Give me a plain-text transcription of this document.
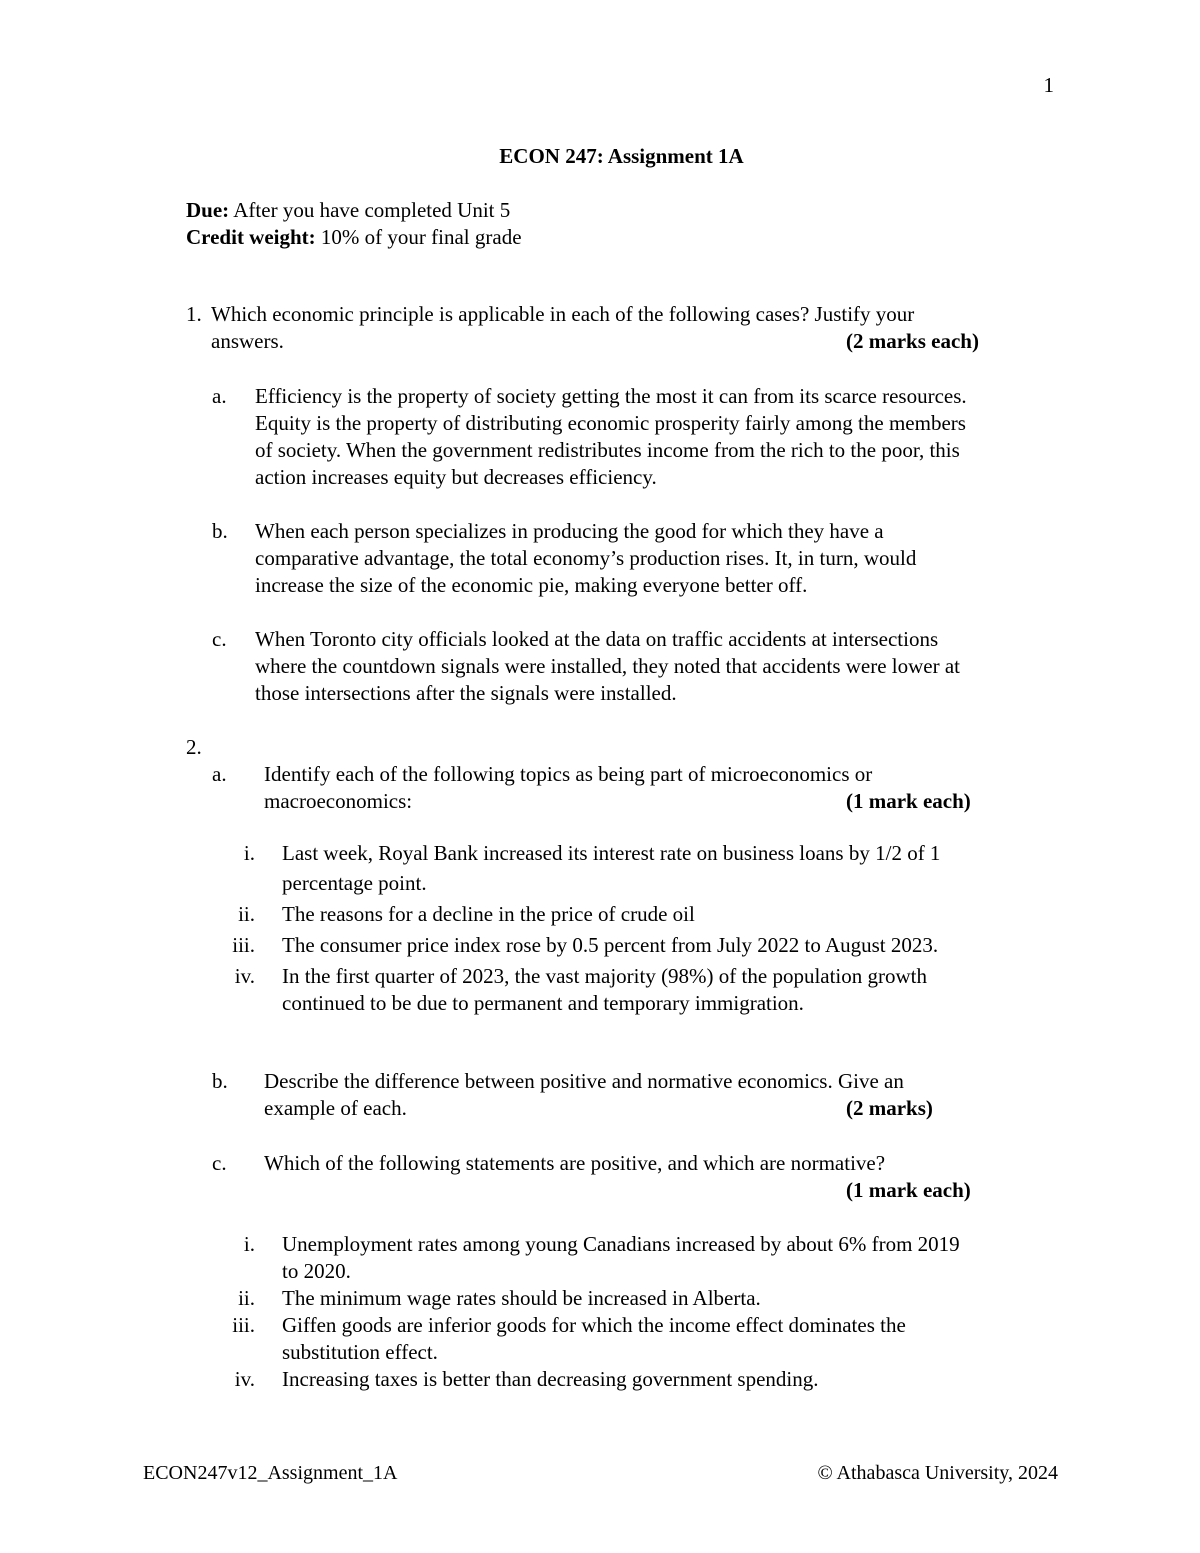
1
ECON 247: Assignment 1A
Due: After you have completed Unit 5
Credit weight: 10% of your final grade
1. Which economic principle is applicable in each of the following cases? Justify your
answers.	(2 marks each)
a. Efficiency is the property of society getting the most it can from its scarce resources.
Equity is the property of distributing economic prosperity fairly among the members
of society. When the government redistributes income from the rich to the poor, this
action increases equity but decreases efficiency.
b. When each person specializes in producing the good for which they have a
comparative advantage, the total economy’s production rises. It, in turn, would
increase the size of the economic pie, making everyone better off.
c. When Toronto city officials looked at the data on traffic accidents at intersections
where the countdown signals were installed, they noted that accidents were lower at
those intersections after the signals were installed.
2.
a. Identify each of the following topics as being part of microeconomics or
macroeconomics:	(1 mark each)
i. Last week, Royal Bank increased its interest rate on business loans by 1/2 of 1
percentage point.
ii. The reasons for a decline in the price of crude oil
iii. The consumer price index rose by 0.5 percent from July 2022 to August 2023.
iv. In the first quarter of 2023, the vast majority (98%) of the population growth
continued to be due to permanent and temporary immigration.
b. Describe the difference between positive and normative economics. Give an
example of each.	(2 marks)
c. Which of the following statements are positive, and which are normative?
(1 mark each)
i. Unemployment rates among young Canadians increased by about 6% from 2019
to 2020.
ii. The minimum wage rates should be increased in Alberta.
iii. Giffen goods are inferior goods for which the income effect dominates the
substitution effect.
iv. Increasing taxes is better than decreasing government spending.
ECON247v12_Assignment_1A	© Athabasca University, 2024
